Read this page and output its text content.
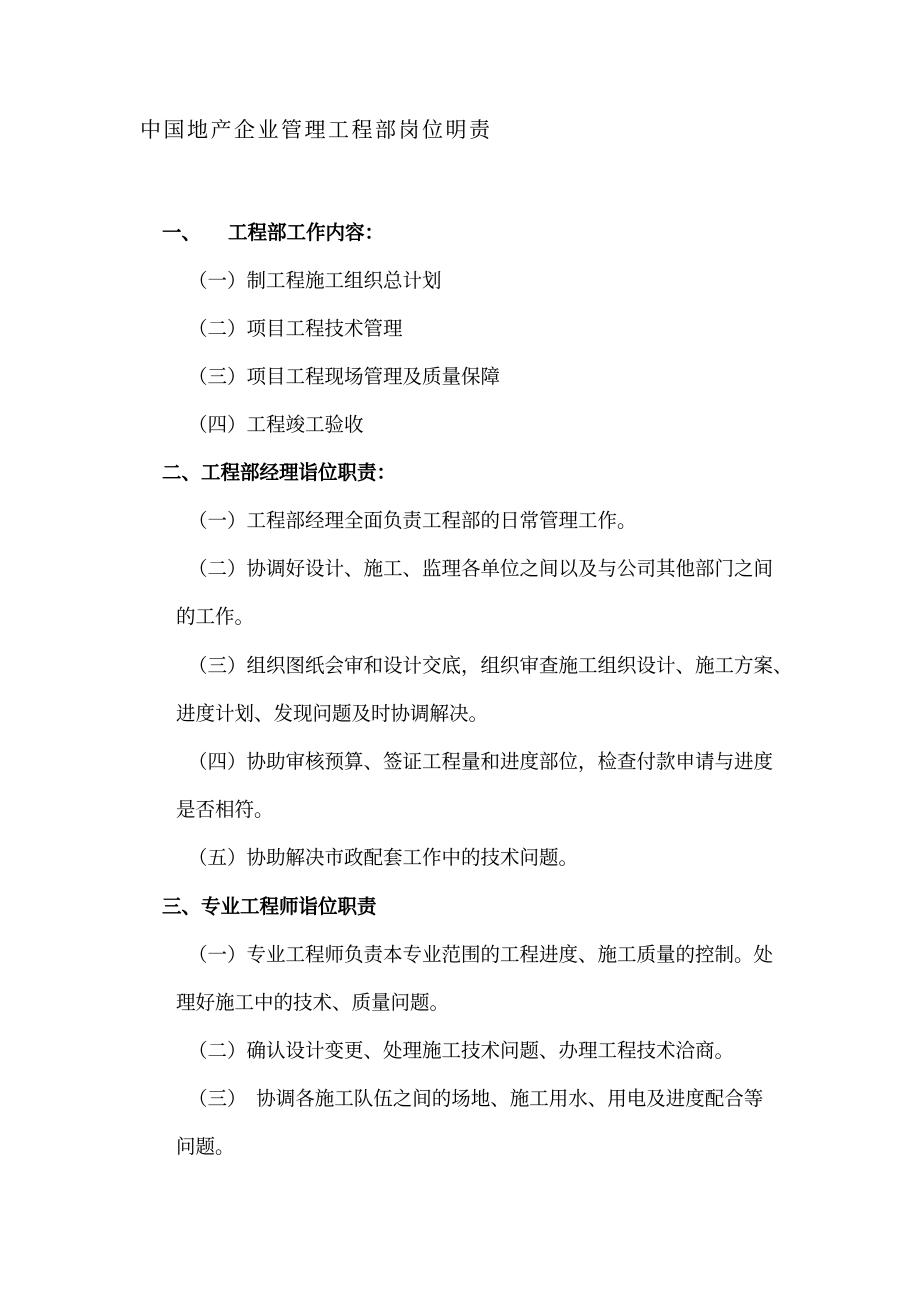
中国地产企业管理工程部岗位明责
一、 工程部工作内容：
（一）制工程施工组织总计划
（二）项目工程技术管理
（三）项目工程现场管理及质量保障
（四）工程竣工验收
二、工程部经理诣位职责：
（一）工程部经理全面负责工程部的日常管理工作。
（二）协调好设计、施工、监理各单位之间以及与公司其他部门之间
的工作。
（三）组织图纸会审和设计交底，组织审查施工组织设计、施工方案、
进度计划、发现问题及时协调解决。
（四）协助审核预算、签证工程量和进度部位，检查付款申请与进度
是否相符。
（五）协助解决市政配套工作中的技术问题。
三、专业工程师诣位职责
（一）专业工程师负责本专业范围的工程进度、施工质量的控制。处
理好施工中的技术、质量问题。
（二）确认设计变更、处理施工技术问题、办理工程技术洽商。
（三）　协调各施工队伍之间的场地、施工用水、用电及进度配合等
问题。
